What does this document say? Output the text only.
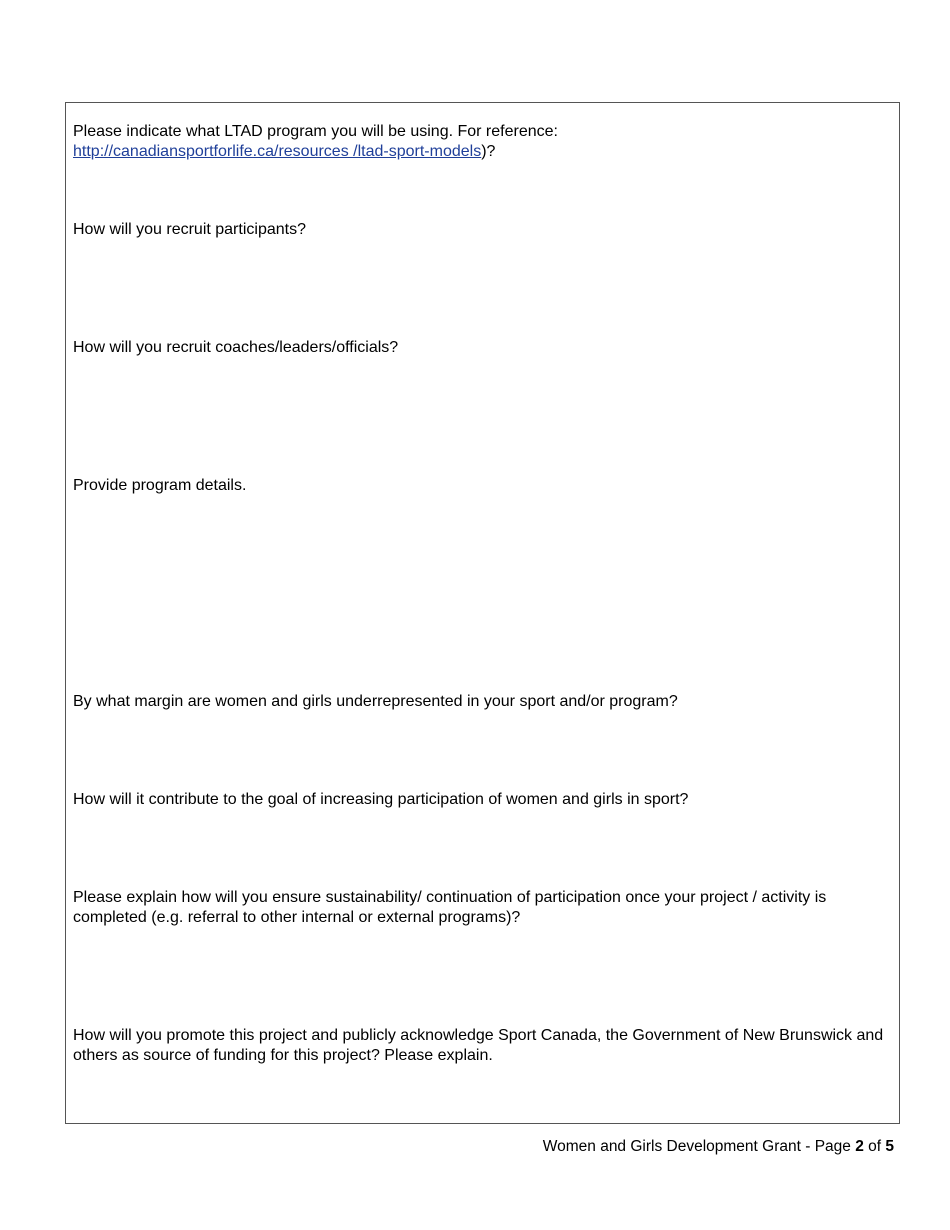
Please indicate what LTAD program you will be using. For reference:
http://canadiansportforlife.ca/resources /ltad-sport-models)?

How will you recruit participants?

How will you recruit coaches/leaders/officials?

Provide program details.

By what margin are women and girls underrepresented in your sport and/or program?

How will it contribute to the goal of increasing participation of women and girls in sport?

Please explain how will you ensure sustainability/ continuation of participation once your project / activity is completed (e.g. referral to other internal or external programs)?

How will you promote this project and publicly acknowledge Sport Canada, the Government of New Brunswick and others as source of funding for this project? Please explain.

Women and Girls Development Grant - Page 2 of 5
